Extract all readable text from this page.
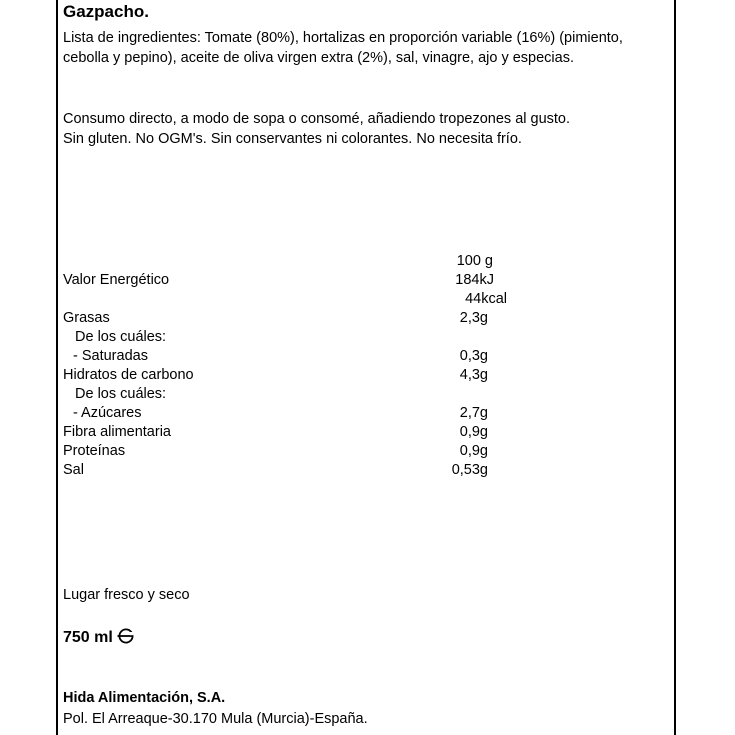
Gazpacho.
Lista de ingredientes: Tomate (80%), hortalizas en proporción variable (16%) (pimiento, cebolla y pepino), aceite de oliva virgen extra (2%), sal, vinagre, ajo y especias.
Consumo directo, a modo de sopa o consomé, añadiendo tropezones al gusto.
Sin gluten. No OGM's. Sin conservantes ni colorantes. No necesita frío.
100 g
Valor Energético	184kJ
44kcal
Grasas	2,3g
De los cuáles:
- Saturadas	0,3g
Hidratos de carbono	4,3g
De los cuáles:
- Azúcares	2,7g
Fibra alimentaria	0,9g
Proteínas	0,9g
Sal	0,53g
Lugar fresco y seco
750 ml
Hida Alimentación, S.A.
Pol. El Arreaque-30.170 Mula (Murcia)-España.
